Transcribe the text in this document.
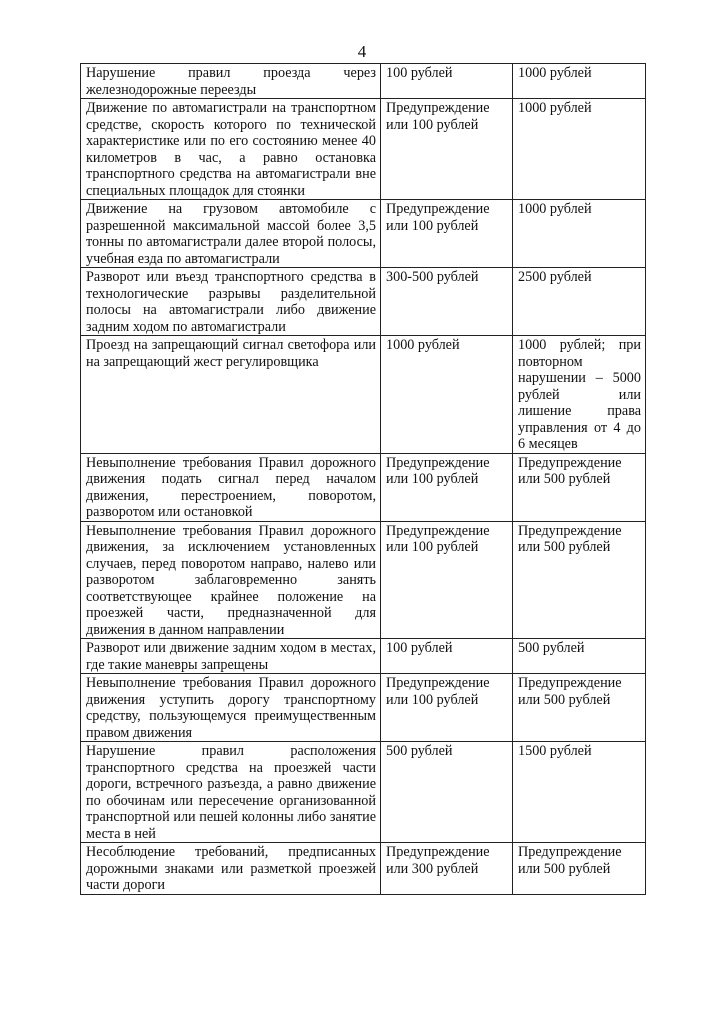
4
Нарушение правил проезда через железнодорожные переезды	100 рублей	1000 рублей
Движение по автомагистрали на транспортном средстве, скорость которого по технической характеристике или по его состоянию менее 40 километров в час, а равно остановка транспортного средства на автомагистрали вне специальных площадок для стоянки	Предупреждение или 100 рублей	1000 рублей
Движение на грузовом автомобиле с разрешенной максимальной массой более 3,5 тонны по автомагистрали далее второй полосы, учебная езда по автомагистрали	Предупреждение или 100 рублей	1000 рублей
Разворот или въезд транспортного средства в технологические разрывы разделительной полосы на автомагистрали либо движение задним ходом по автомагистрали	300-500 рублей	2500 рублей
Проезд на запрещающий сигнал светофора или на запрещающий жест регулировщика	1000 рублей	1000 рублей; при повторном нарушении – 5000 рублей или лишение права управления от 4 до 6 месяцев
Невыполнение требования Правил дорожного движения подать сигнал перед началом движения, перестроением, поворотом, разворотом или остановкой	Предупреждение или 100 рублей	Предупреждение или 500 рублей
Невыполнение требования Правил дорожного движения, за исключением установленных случаев, перед поворотом направо, налево или разворотом заблаговременно занять соответствующее крайнее положение на проезжей части, предназначенной для движения в данном направлении	Предупреждение или 100 рублей	Предупреждение или 500 рублей
Разворот или движение задним ходом в местах, где такие маневры запрещены	100 рублей	500 рублей
Невыполнение требования Правил дорожного движения уступить дорогу транспортному средству, пользующемуся преимущественным правом движения	Предупреждение или 100 рублей	Предупреждение или 500 рублей
Нарушение правил расположения транспортного средства на проезжей части дороги, встречного разъезда, а равно движение по обочинам или пересечение организованной транспортной или пешей колонны либо занятие места в ней	500 рублей	1500 рублей
Несоблюдение требований, предписанных дорожными знаками или разметкой проезжей части дороги	Предупреждение или 300 рублей	Предупреждение или 500 рублей
